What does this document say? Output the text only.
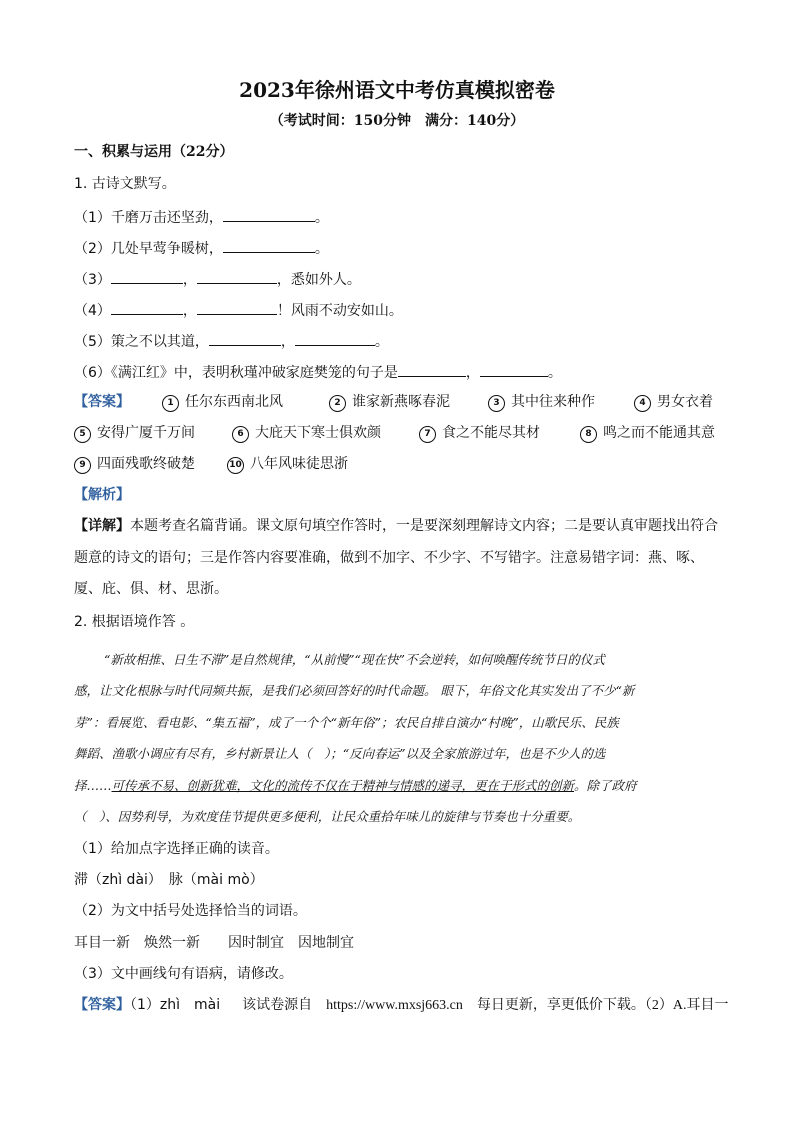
2023年徐州语文中考仿真模拟密卷
（考试时间：150分钟　满分：140分）
一、积累与运用（22分）
1. 古诗文默写。
（1）千磨万击还坚劲，	。
（2）几处早莺争暖树，	。
（3）	，	，悉如外人。
（4）	，	！风雨不动安如山。
（5）策之不以其道，	，	。
（6）《满江红》中，表明秋瑾冲破家庭樊笼的句子是	，	。
【答案】	1 任尔东西南北风	2 谁家新燕啄春泥	3 其中往来种作	4 男女衣着
5 安得广厦千万间	6 大庇天下寒士俱欢颜	7 食之不能尽其材	8 鸣之而不能通其意
9 四面残歌终破楚	10 八年风味徒思浙
【解析】
【详解】本题考查名篇背诵。课文原句填空作答时，一是要深刻理解诗文内容；二是要认真审题找出符合
题意的诗文的语句；三是作答内容要准确，做到不加字、不少字、不写错字。注意易错字词：燕、啄、
厦、庇、俱、材、思浙。
2. 根据语境作答 。
“新故相推、日生不滞”是自然规律，“从前慢”“现在快”不会逆转，如何唤醒传统节日的仪式
感，让文化根脉与时代同频共振，是我们必须回答好的时代命题。 眼下，年俗文化其实发出了不少“新
芽”：看展览、看电影、“集五福”，成了一个个“新年俗”；农民自排自演办“村晚”，山歌民乐、民族
舞蹈、渔歌小调应有尽有，乡村新景让人（　）；“反向春运”以及全家旅游过年，也是不少人的选
择……可传承不易、创新犹难，文化的流传不仅在于精神与情感的递寻，更在于形式的创新。除了政府
（　）、因势利导，为欢度佳节提供更多便利，让民众重拾年味儿的旋律与节奏也十分重要。
（1）给加点字选择正确的读音。
滞（zhì dài）　脉（mài mò）
（2）为文中括号处选择恰当的词语。
耳目一新　焕然一新　　因时制宜　因地制宜
（3）文中画线句有语病，请修改。
【答案】（1）zhì　mài 该试卷源自　https://www.mxsj663.cn　每日更新，享更低价下载。（2）A.耳目一
